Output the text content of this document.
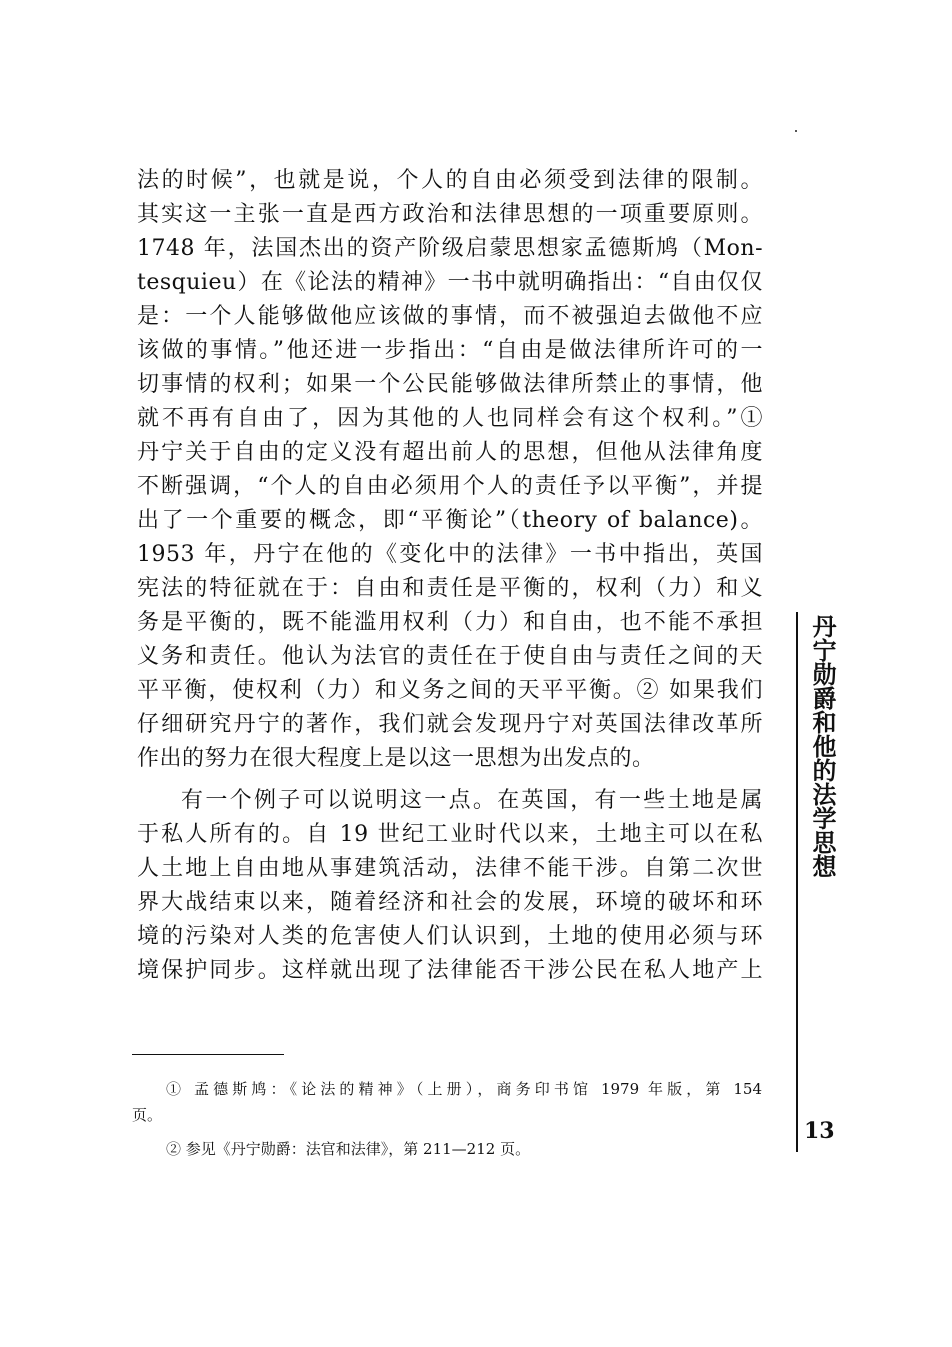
法的时候”，也就是说，个人的自由必须受到法律的限制。
其实这一主张一直是西方政治和法律思想的一项重要原则。
1748 年，法国杰出的资产阶级启蒙思想家孟德斯鸠（Mon-
tesquieu）在《论法的精神》一书中就明确指出：“自由仅仅
是：一个人能够做他应该做的事情，而不被强迫去做他不应
该做的事情。”他还进一步指出：“自由是做法律所许可的一
切事情的权利；如果一个公民能够做法律所禁止的事情，他
就不再有自由了，因为其他的人也同样会有这个权利。”①
丹宁关于自由的定义没有超出前人的思想，但他从法律角度
不断强调，“个人的自由必须用个人的责任予以平衡”，并提
出了一个重要的概念，即“平衡论”（theory of balance)。
1953 年，丹宁在他的《变化中的法律》一书中指出，英国
宪法的特征就在于：自由和责任是平衡的，权利（力）和义
务是平衡的，既不能滥用权利（力）和自由，也不能不承担
义务和责任。他认为法官的责任在于使自由与责任之间的天
平平衡，使权利（力）和义务之间的天平平衡。② 如果我们
仔细研究丹宁的著作，我们就会发现丹宁对英国法律改革所
作出的努力在很大程度上是以这一思想为出发点的。
有一个例子可以说明这一点。在英国，有一些土地是属
于私人所有的。自 19 世纪工业时代以来，土地主可以在私
人土地上自由地从事建筑活动，法律不能干涉。自第二次世
界大战结束以来，随着经济和社会的发展，环境的破坏和环
境的污染对人类的危害使人们认识到，土地的使用必须与环
境保护同步。这样就出现了法律能否干涉公民在私人地产上
① 孟德斯鸠：《论法的精神》（上册），商务印书馆 1979 年版，第 154
页。
② 参见《丹宁勋爵：法官和法律》，第 211—212 页。
丹宁勋爵和他的法学思想
13
